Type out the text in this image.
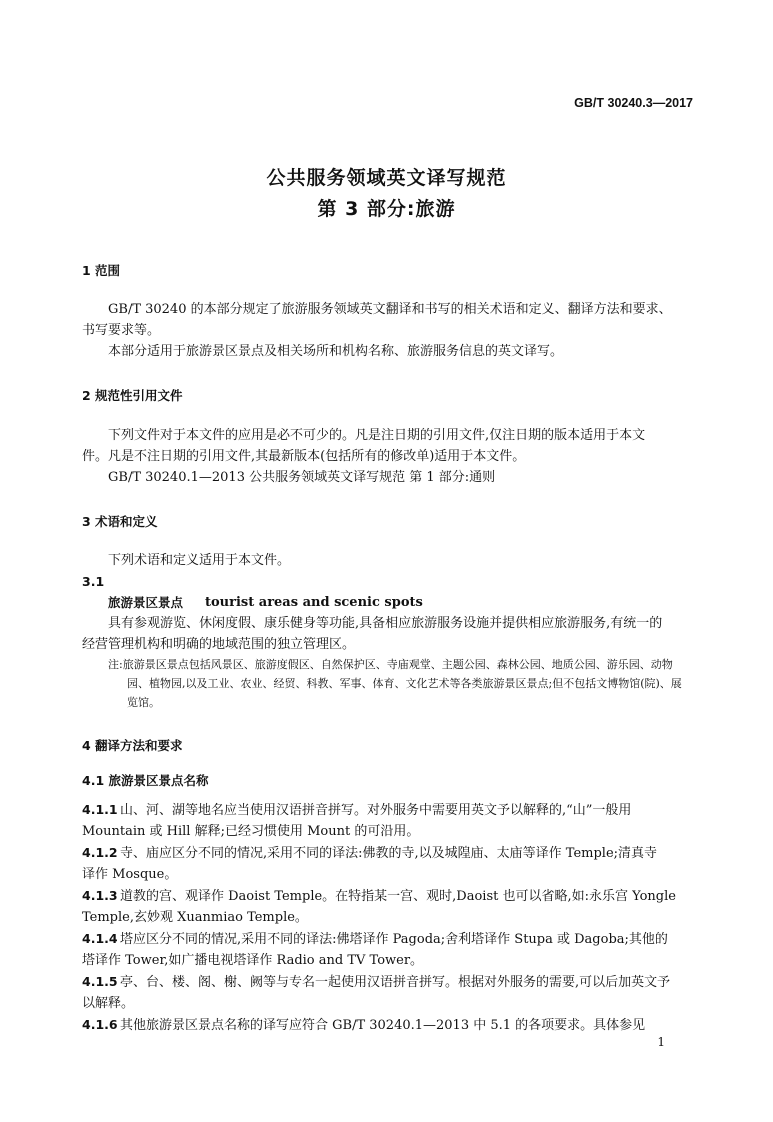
GB/T 30240.3—2017
公共服务领域英文译写规范
第 3 部分:旅游
1 范围
GB/T 30240 的本部分规定了旅游服务领域英文翻译和书写的相关术语和定义、翻译方法和要求、
书写要求等。
本部分适用于旅游景区景点及相关场所和机构名称、旅游服务信息的英文译写。
2 规范性引用文件
下列文件对于本文件的应用是必不可少的。凡是注日期的引用文件,仅注日期的版本适用于本文
件。凡是不注日期的引用文件,其最新版本(包括所有的修改单)适用于本文件。
GB/T 30240.1—2013 公共服务领域英文译写规范 第 1 部分:通则
3 术语和定义
下列术语和定义适用于本文件。
3.1
旅游景区景点 tourist areas and scenic spots
具有参观游览、休闲度假、康乐健身等功能,具备相应旅游服务设施并提供相应旅游服务,有统一的
经营管理机构和明确的地域范围的独立管理区。
注:旅游景区景点包括风景区、旅游度假区、自然保护区、寺庙观堂、主题公园、森林公园、地质公园、游乐园、动物
园、植物园,以及工业、农业、经贸、科教、军事、体育、文化艺术等各类旅游景区景点;但不包括文博物馆(院)、展
览馆。
4 翻译方法和要求
4.1 旅游景区景点名称
4.1.1 山、河、湖等地名应当使用汉语拼音拼写。对外服务中需要用英文予以解释的,“山”一般用
Mountain 或 Hill 解释;已经习惯使用 Mount 的可沿用。
4.1.2 寺、庙应区分不同的情况,采用不同的译法:佛教的寺,以及城隍庙、太庙等译作 Temple;清真寺
译作 Mosque。
4.1.3 道教的宫、观译作 Daoist Temple。在特指某一宫、观时,Daoist 也可以省略,如:永乐宫 Yongle
Temple,玄妙观 Xuanmiao Temple。
4.1.4 塔应区分不同的情况,采用不同的译法:佛塔译作 Pagoda;舍利塔译作 Stupa 或 Dagoba;其他的
塔译作 Tower,如广播电视塔译作 Radio and TV Tower。
4.1.5 亭、台、楼、阁、榭、阙等与专名一起使用汉语拼音拼写。根据对外服务的需要,可以后加英文予
以解释。
4.1.6 其他旅游景区景点名称的译写应符合 GB/T 30240.1—2013 中 5.1 的各项要求。具体参见
1
